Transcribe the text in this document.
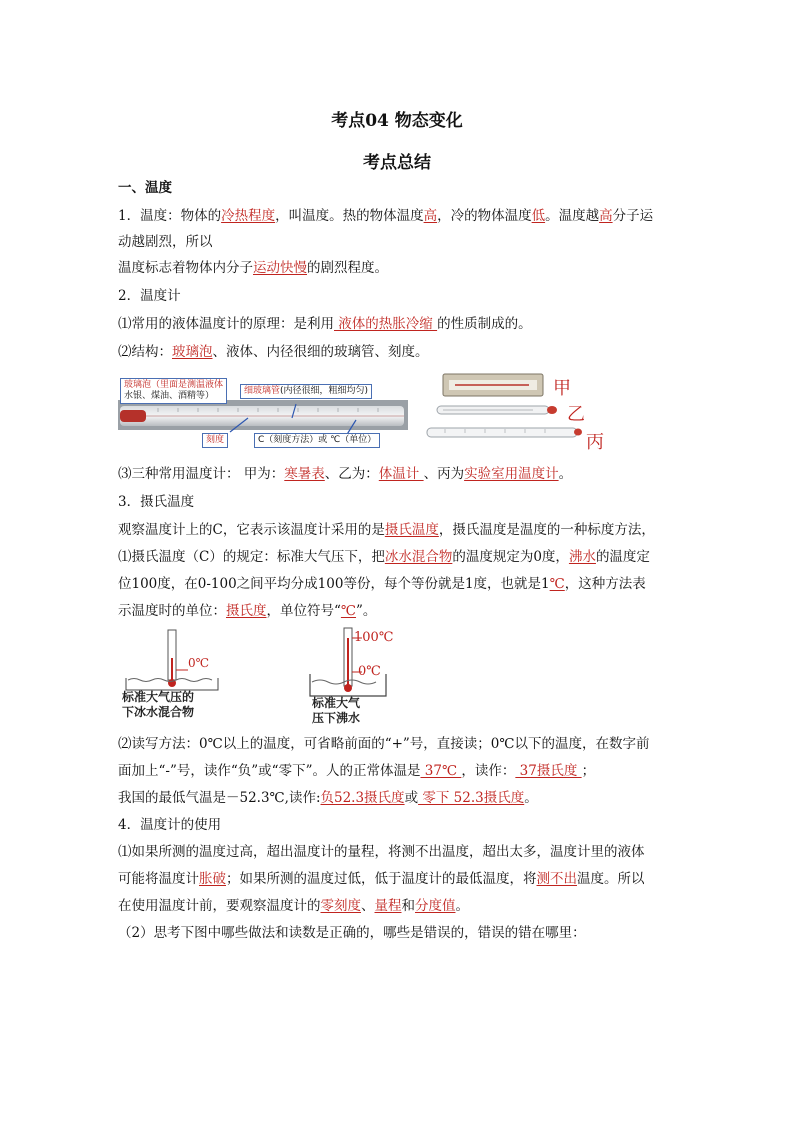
考点04 物态变化
考点总结
一、温度
1．温度：物体的冷热程度，叫温度。热的物体温度高，冷的物体温度低。温度越高分子运
动越剧烈，所以
温度标志着物体内分子运动快慢的剧烈程度。
2．温度计
⑴常用的液体温度计的原理：是利用 液体的热胀冷缩 的性质制成的。
⑵结构：玻璃泡、液体、内径很细的玻璃管、刻度。
玻璃泡（里面是测温液体
水银、煤油、酒精等）	细玻璃管(内径很细，粗细均匀)
刻度	C（刻度方法）或 ℃（单位）
甲
乙
丙
⑶三种常用温度计： 甲为：寒暑表、乙为：体温计 、丙为实验室用温度计。
3．摄氏温度
观察温度计上的C，它表示该温度计采用的是摄氏温度，摄氏温度是温度的一种标度方法，
⑴摄氏温度（C）的规定：标准大气压下，把冰水混合物的温度规定为0度，沸水的温度定
位100度，在0-100之间平均分成100等份，每个等份就是1度，也就是1℃，这种方法表
示温度时的单位：摄氏度，单位符号“℃”。
0℃
标准大气压的
下冰水混合物
100℃
0℃
标准大气
压下沸水
⑵读写方法：0℃以上的温度，可省略前面的“+”号，直接读；0℃以下的温度，在数字前
面加上“-”号，读作“负”或“零下”。人的正常体温是 37℃ ，读作： 37摄氏度 ；
我国的最低气温是－52.3℃,读作:负52.3摄氏度或 零下 52.3摄氏度。
4．温度计的使用
⑴如果所测的温度过高，超出温度计的量程，将测不出温度，超出太多，温度计里的液体
可能将温度计胀破；如果所测的温度过低，低于温度计的最低温度，将测不出温度。所以
在使用温度计前，要观察温度计的零刻度、量程和分度值。
（2）思考下图中哪些做法和读数是正确的，哪些是错误的，错误的错在哪里：
